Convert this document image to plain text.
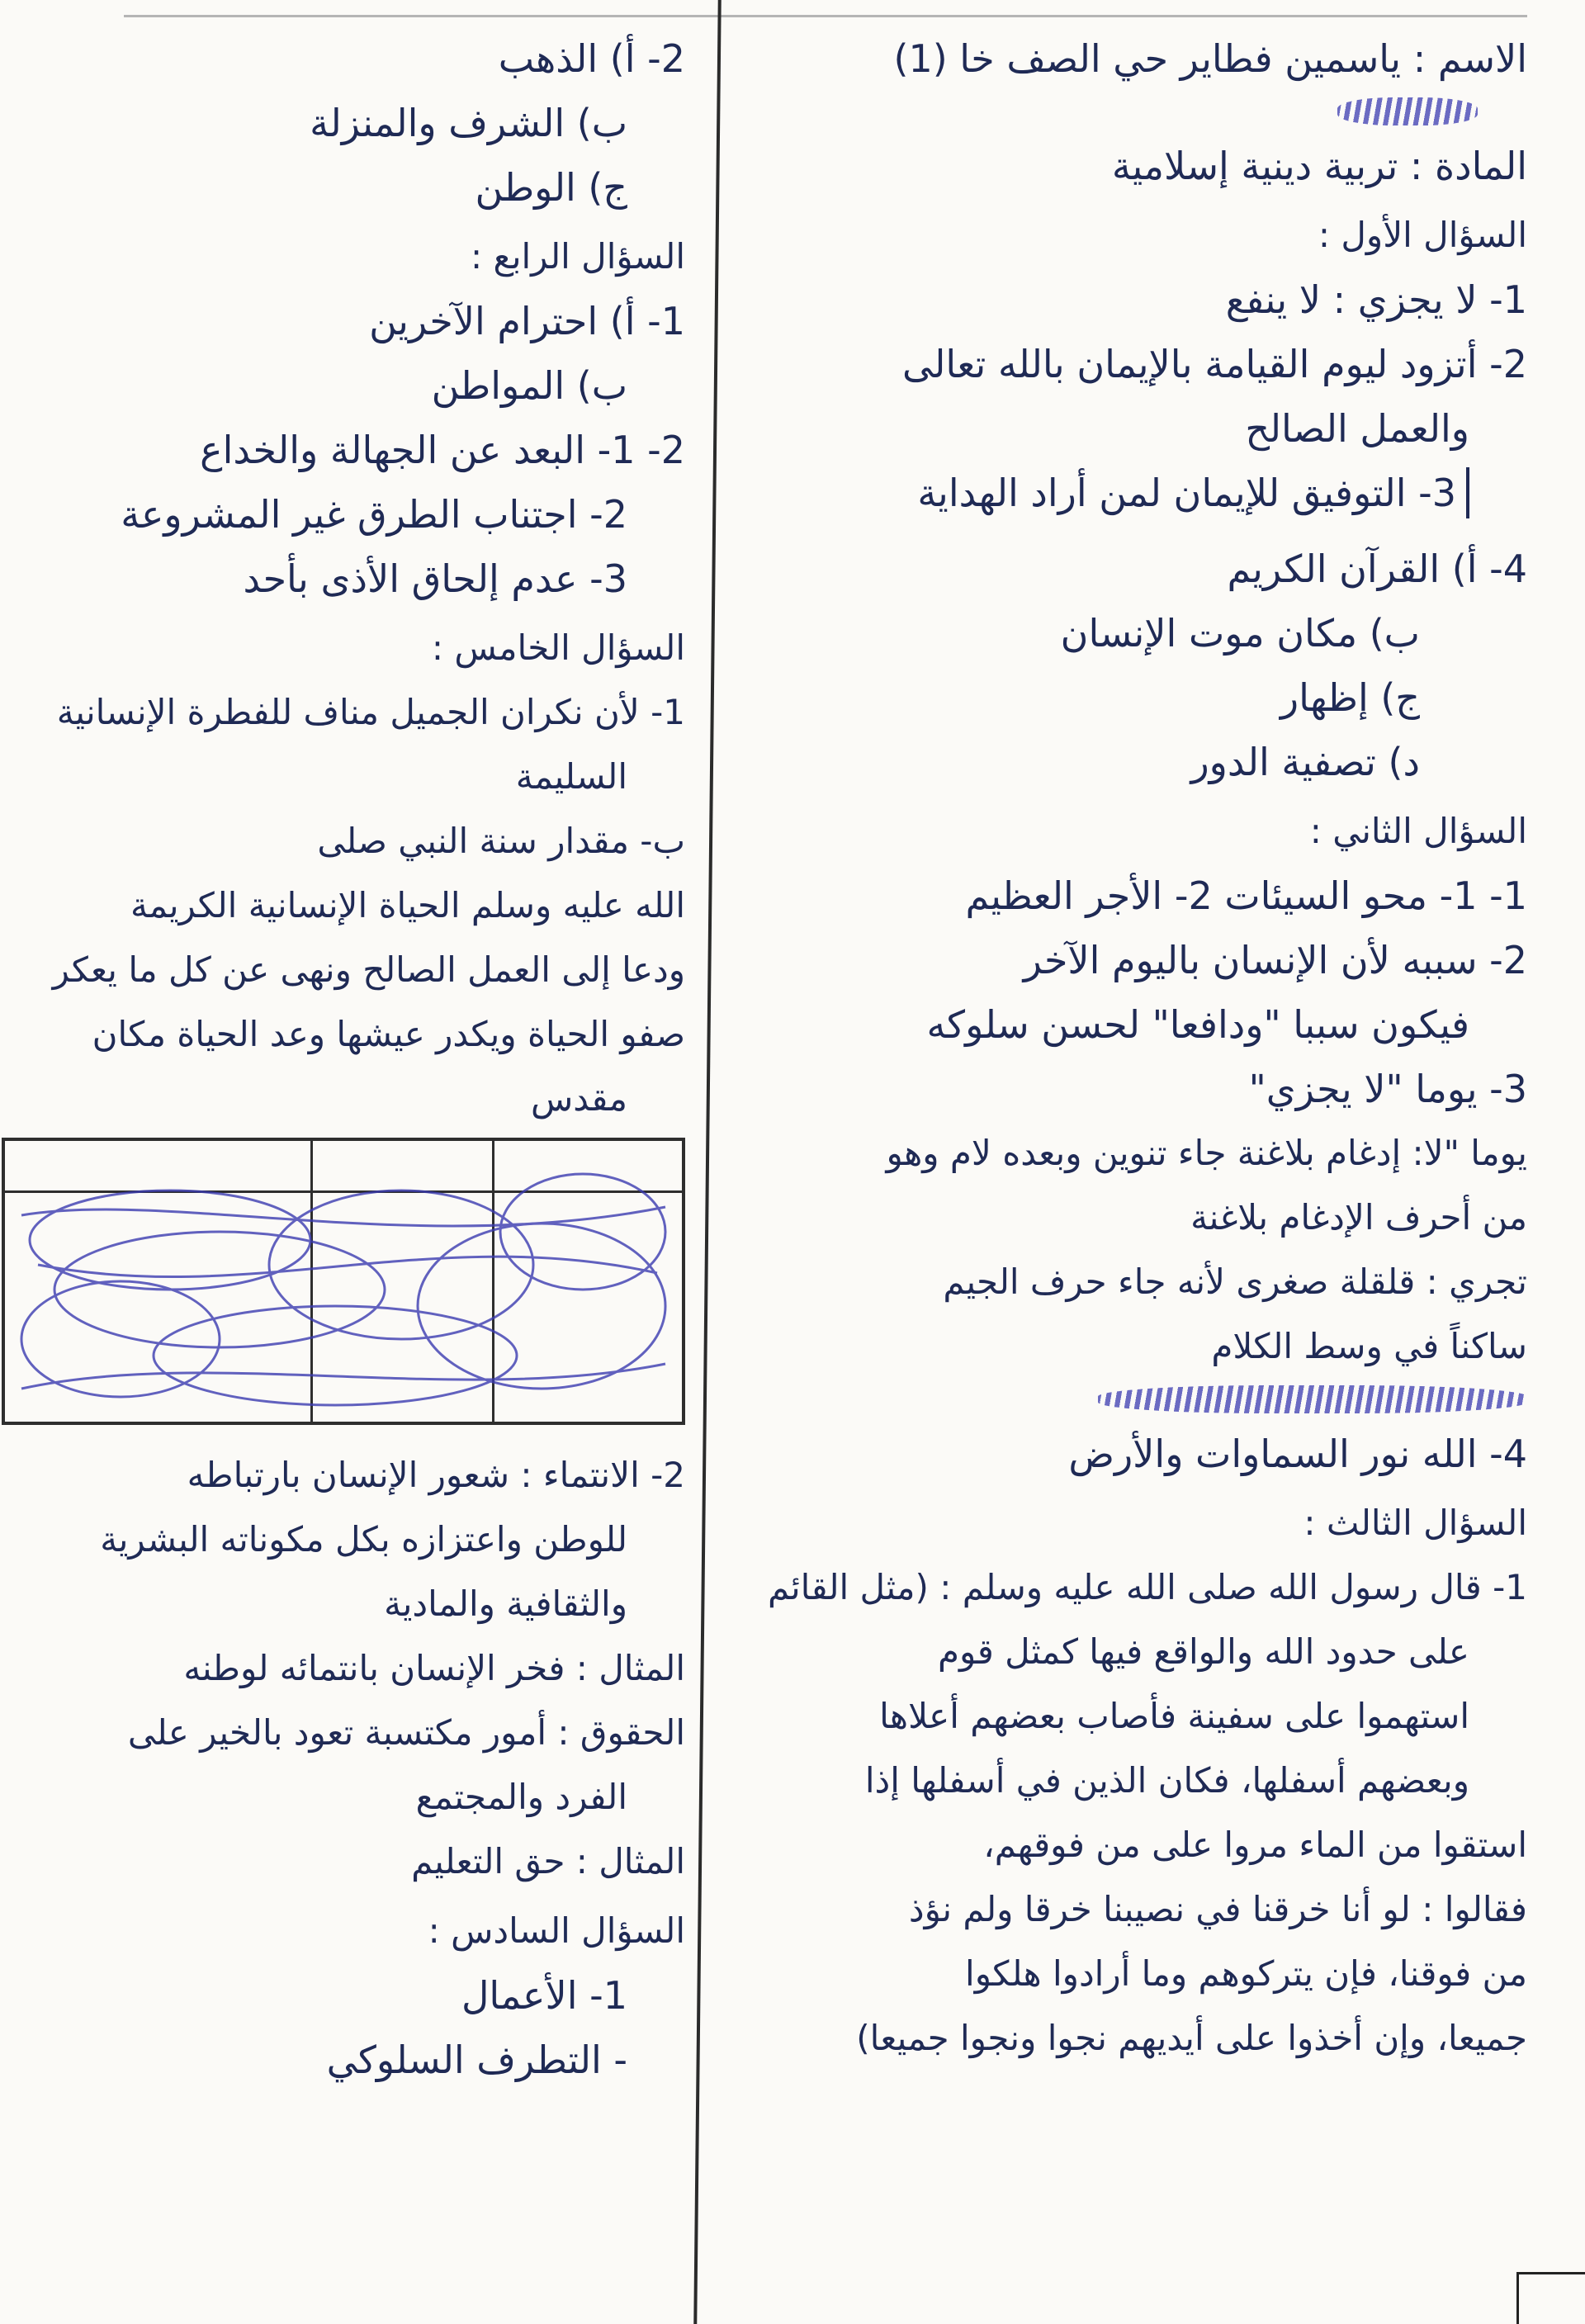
الاسم : ياسمين فطاير حي الصف خا (1)
المادة : تربية دينية إسلامية
السؤال الأول :
1- لا يجزي : لا ينفع
2- أتزود ليوم القيامة بالإيمان بالله تعالى
والعمل الصالح
3- التوفيق للإيمان لمن أراد الهداية
4- أ) القرآن الكريم
ب) مكان موت الإنسان
ج) إظهار
د) تصفية الدور
السؤال الثاني :
1- 1- محو السيئات 2- الأجر العظيم
2- سببه لأن الإنسان باليوم الآخر
فيكون سببا "ودافعا" لحسن سلوكه
3- يوما "لا يجزي"
يوما "لا: إدغام بلاغنة جاء تنوين وبعده لام وهو
من أحرف الإدغام بلاغنة
تجري : قلقلة صغرى لأنه جاء حرف الجيم
ساكناً في وسط الكلام
4- الله نور السماوات والأرض
السؤال الثالث :
1- قال رسول الله صلى الله عليه وسلم : (مثل القائم
على حدود الله والواقع فيها كمثل قوم
استهموا على سفينة فأصاب بعضهم أعلاها
وبعضهم أسفلها، فكان الذين في أسفلها إذا
استقوا من الماء مروا على من فوقهم،
فقالوا : لو أنا خرقنا في نصيبنا خرقا ولم نؤذ
من فوقنا، فإن يتركوهم وما أرادوا هلكوا
جميعا، وإن أخذوا على أيديهم نجوا ونجوا جميعا)
2- أ) الذهب
ب) الشرف والمنزلة
ج) الوطن
السؤال الرابع :
1- أ) احترام الآخرين
ب) المواطن
2- 1- البعد عن الجهالة والخداع
2- اجتناب الطرق غير المشروعة
3- عدم إلحاق الأذى بأحد
السؤال الخامس :
1- لأن نكران الجميل مناف للفطرة الإنسانية
السليمة
ب- مقدار سنة النبي صلى
الله عليه وسلم الحياة الإنسانية الكريمة
ودعا إلى العمل الصالح ونهى عن كل ما يعكر
صفو الحياة ويكدر عيشها وعد الحياة مكان
مقدس
2- الانتماء : شعور الإنسان بارتباطه
للوطن واعتزازه بكل مكوناته البشرية
والثقافية والمادية
المثال : فخر الإنسان بانتمائه لوطنه
الحقوق : أمور مكتسبة تعود بالخير على
الفرد والمجتمع
المثال : حق التعليم
السؤال السادس :
1- الأعمال
- التطرف السلوكي
